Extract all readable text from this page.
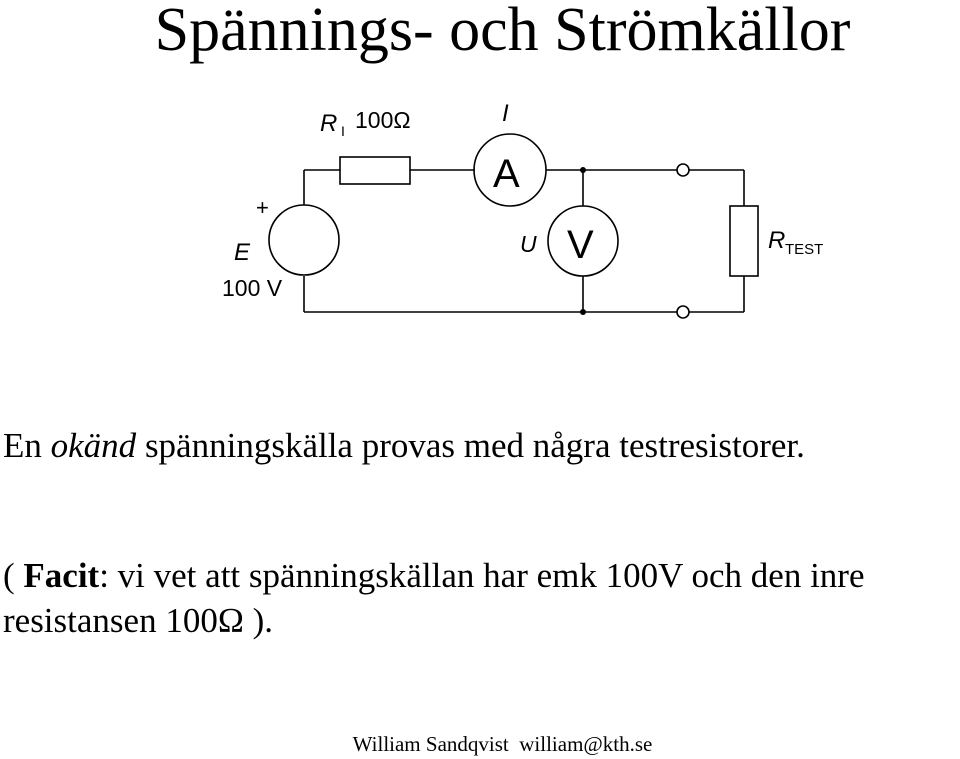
Spännings- och Strömkällor
A
V
R I 100Ω	I
U
+
E
100 V
R TEST
En okänd spänningskälla provas med några testresistorer.
( Facit: vi vet att spänningskällan har emk 100V och den inre resistansen 100Ω ).
William Sandqvist william@kth.se
